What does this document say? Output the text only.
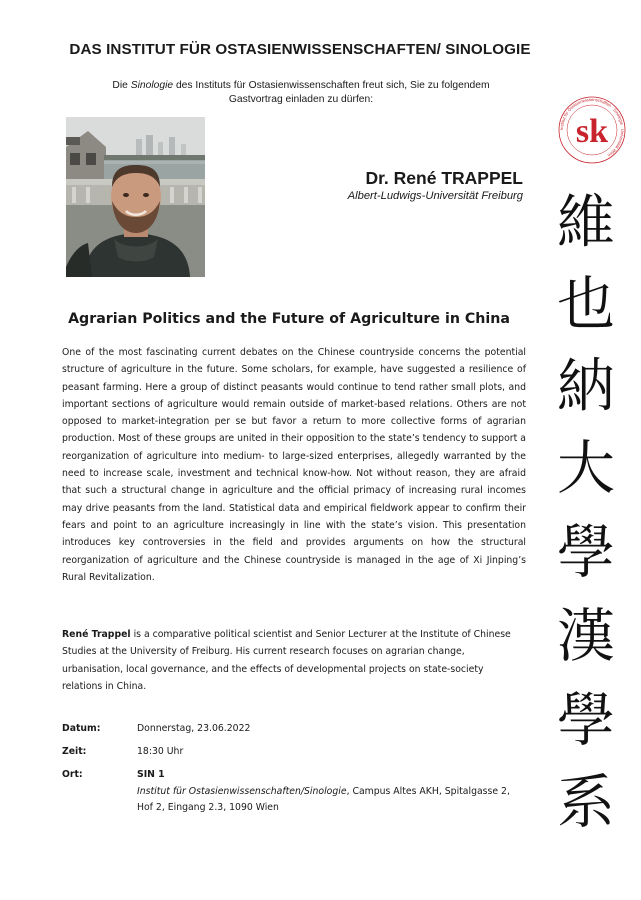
DAS INSTITUT FÜR OSTASIENWISSENSCHAFTEN/ SINOLOGIE
Die Sinologie des Instituts für Ostasienwissenschaften freut sich, Sie zu folgendem
Gastvortrag einladen zu dürfen:
Dr. René TRAPPEL
Albert-Ludwigs-Universität Freiburg
Agrarian Politics and the Future of Agriculture in China

One of the most fascinating current debates on the Chinese countryside concerns the potential structure of agriculture in the future. Some scholars, for example, have suggested a resilience of peasant farming. Here a group of distinct peasants would continue to tend rather small plots, and important sections of agriculture would remain outside of market-based relations. Others are not opposed to market-integration per se but favor a return to more collective forms of agrarian production. Most of these groups are united in their opposition to the state’s tendency to support a reorganization of agriculture into medium- to large-sized enterprises, allegedly warranted by the need to increase scale, investment and technical know-how. Not without reason, they are afraid that such a structural change in agriculture and the official primacy of increasing rural incomes may drive peasants from the land. Statistical data and empirical fieldwork appear to confirm their fears and point to an agriculture increasingly in line with the state’s vision. This presentation introduces key controversies in the field and provides arguments on how the structural reorganization of agriculture and the Chinese countryside is managed in the age of Xi Jinping’s Rural Revitalization.

René Trappel is a comparative political scientist and Senior Lecturer at the Institute of Chinese Studies at the University of Freiburg. His current research focuses on agrarian change, urbanisation, local governance, and the effects of developmental projects on state-society relations in China.

Datum:	Donnerstag, 23.06.2022
Zeit:	18:30 Uhr
Ort:	SIN 1
Institut für Ostasienwissenschaften/Sinologie, Campus Altes AKH, Spitalgasse 2, Hof 2, Eingang 2.3, 1090 Wien
Institut für Ostasienwissenschaften · Sinologie · Universität Wien
sk
維
也
納
大
學
漢
學
系
